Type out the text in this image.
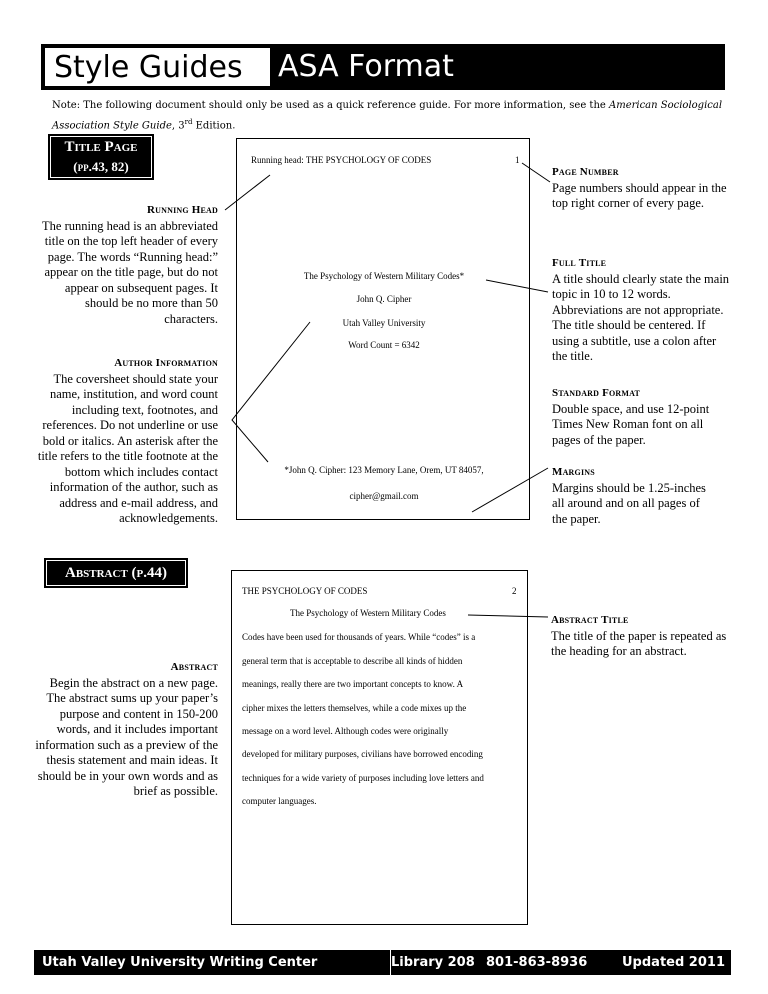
Style Guides	ASA Format
Note: The following document should only be used as a quick reference guide. For more information, see the American Sociological Association Style Guide, 3rd Edition.
Title Page
(pp.43, 82)
Abstract (p.44)
Running Head
The running head is an abbreviated title on the top left header of every page. The words “Running head:” appear on the title page, but do not appear on subsequent pages. It should be no more than 50 characters.
Author Information
The coversheet should state your name, institution, and word count including text, footnotes, and references. Do not underline or use bold or italics. An asterisk after the title refers to the title footnote at the bottom which includes contact information of the author, such as address and e-mail address, and acknowledgements.
Abstract
Begin the abstract on a new page. The abstract sums up your paper’s purpose and content in 150-200 words, and it includes important information such as a preview of the thesis statement and main ideas. It should be in your own words and as brief as possible.
Page Number
Page numbers should appear in the top right corner of every page.
Full Title
A title should clearly state the main topic in 10 to 12 words. Abbreviations are not appropriate. The title should be centered. If using a subtitle, use a colon after the title.
Standard Format
Double space, and use 12-point Times New Roman font on all pages of the paper.
Margins
Margins should be 1.25-inches all around and on all pages of the paper.
Abstract Title
The title of the paper is repeated as the heading for an abstract.
Running head: THE PSYCHOLOGY OF CODES	1
The Psychology of Western Military Codes*
John Q. Cipher
Utah Valley University
Word Count = 6342
*John Q. Cipher: 123 Memory Lane, Orem, UT 84057,
cipher@gmail.com
THE PSYCHOLOGY OF CODES	2
The Psychology of Western Military Codes
Codes have been used for thousands of years. While “codes” is a
general term that is acceptable to describe all kinds of hidden
meanings, really there are two important concepts to know. A
cipher mixes the letters themselves, while a code mixes up the
message on a word level. Although codes were originally
developed for military purposes, civilians have borrowed encoding
techniques for a wide variety of purposes including love letters and
computer languages.
Utah Valley University Writing Center	Library 208 801-863-8936	Updated 2011
